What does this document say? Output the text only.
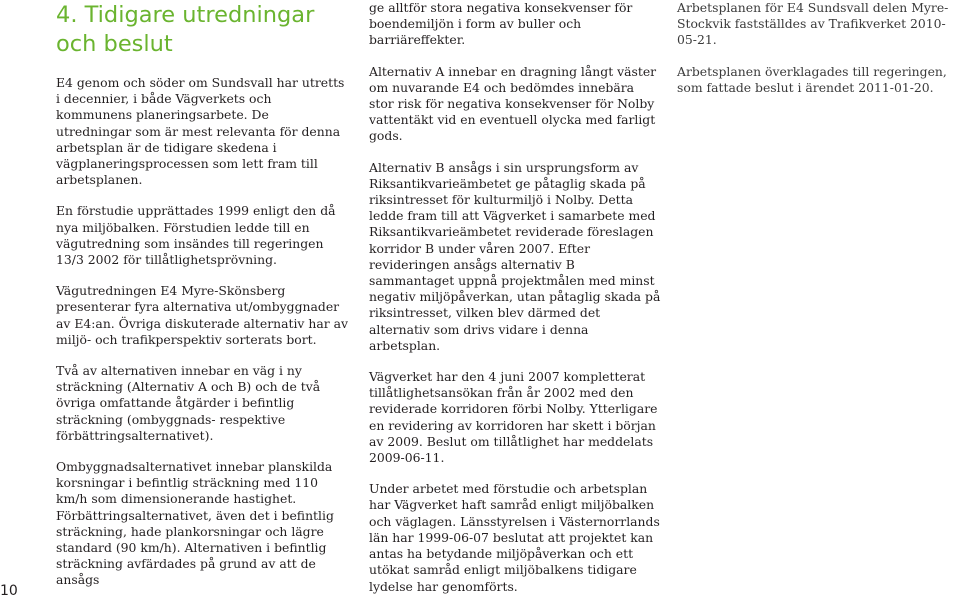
4. Tidigare utredningar och beslut

E4 genom och söder om Sundsvall har utretts i decennier, i både Vägverkets och kommunens planeringsarbete. De utredningar som är mest relevanta för denna arbetsplan är de tidigare skedena i vägplaneringsprocessen som lett fram till arbetsplanen.

En förstudie upprättades 1999 enligt den då nya miljöbalken. Förstudien ledde till en vägutredning som insändes till regeringen 13/3 2002 för tillåtlighetsprövning.

Vägutredningen E4 Myre-Skönsberg presenterar fyra alternativa ut/ombyggnader av E4:an. Övriga diskuterade alternativ har av miljö- och trafikperspektiv sorterats bort.

Två av alternativen innebar en väg i ny sträckning (Alternativ A och B) och de två övriga omfattande åtgärder i befintlig sträckning (ombyggnads- respektive förbättringsalternativet).

Ombyggnadsalternativet innebar planskilda korsningar i befintlig sträckning med 110 km/h som dimensionerande hastighet. Förbättringsalternativet, även det i befintlig sträckning, hade plankorsningar och lägre standard (90 km/h). Alternativen i befintlig sträckning avfärdades på grund av att de ansågs

ge alltför stora negativa konsekvenser för boendemiljön i form av buller och barriäreffekter.

Alternativ A innebar en dragning långt väster om nuvarande E4 och bedömdes innebära stor risk för negativa konsekvenser för Nolby vattentäkt vid en eventuell olycka med farligt gods.

Alternativ B ansågs i sin ursprungsform av Riksantikvarieämbetet ge påtaglig skada på riksintresset för kulturmiljö i Nolby. Detta ledde fram till att Vägverket i samarbete med Riksantikvarieämbetet reviderade föreslagen korridor B under våren 2007. Efter revideringen ansågs alternativ B sammantaget uppnå projektmålen med minst negativ miljöpåverkan, utan påtaglig skada på riksintresset, vilken blev därmed det alternativ som drivs vidare i denna arbetsplan.

Vägverket har den 4 juni 2007 kompletterat tillåtlighetsansökan från år 2002 med den reviderade korridoren förbi Nolby. Ytterligare en revidering av korridoren har skett i början av 2009. Beslut om tillåtlighet har meddelats 2009-06-11.

Under arbetet med förstudie och arbetsplan har Vägverket haft samråd enligt miljöbalken och väglagen. Länsstyrelsen i Västernorrlands län har 1999-06-07 beslutat att projektet kan antas ha betydande miljöpåverkan och ett utökat samråd enligt miljöbalkens tidigare lydelse har genomförts.

Arbetsplanen för E4 Sundsvall delen Myre- Stockvik fastställdes av Trafikverket 2010-05-21.

Arbetsplanen överklagades till regeringen, som fattade beslut i ärendet 2011-01-20.

10
